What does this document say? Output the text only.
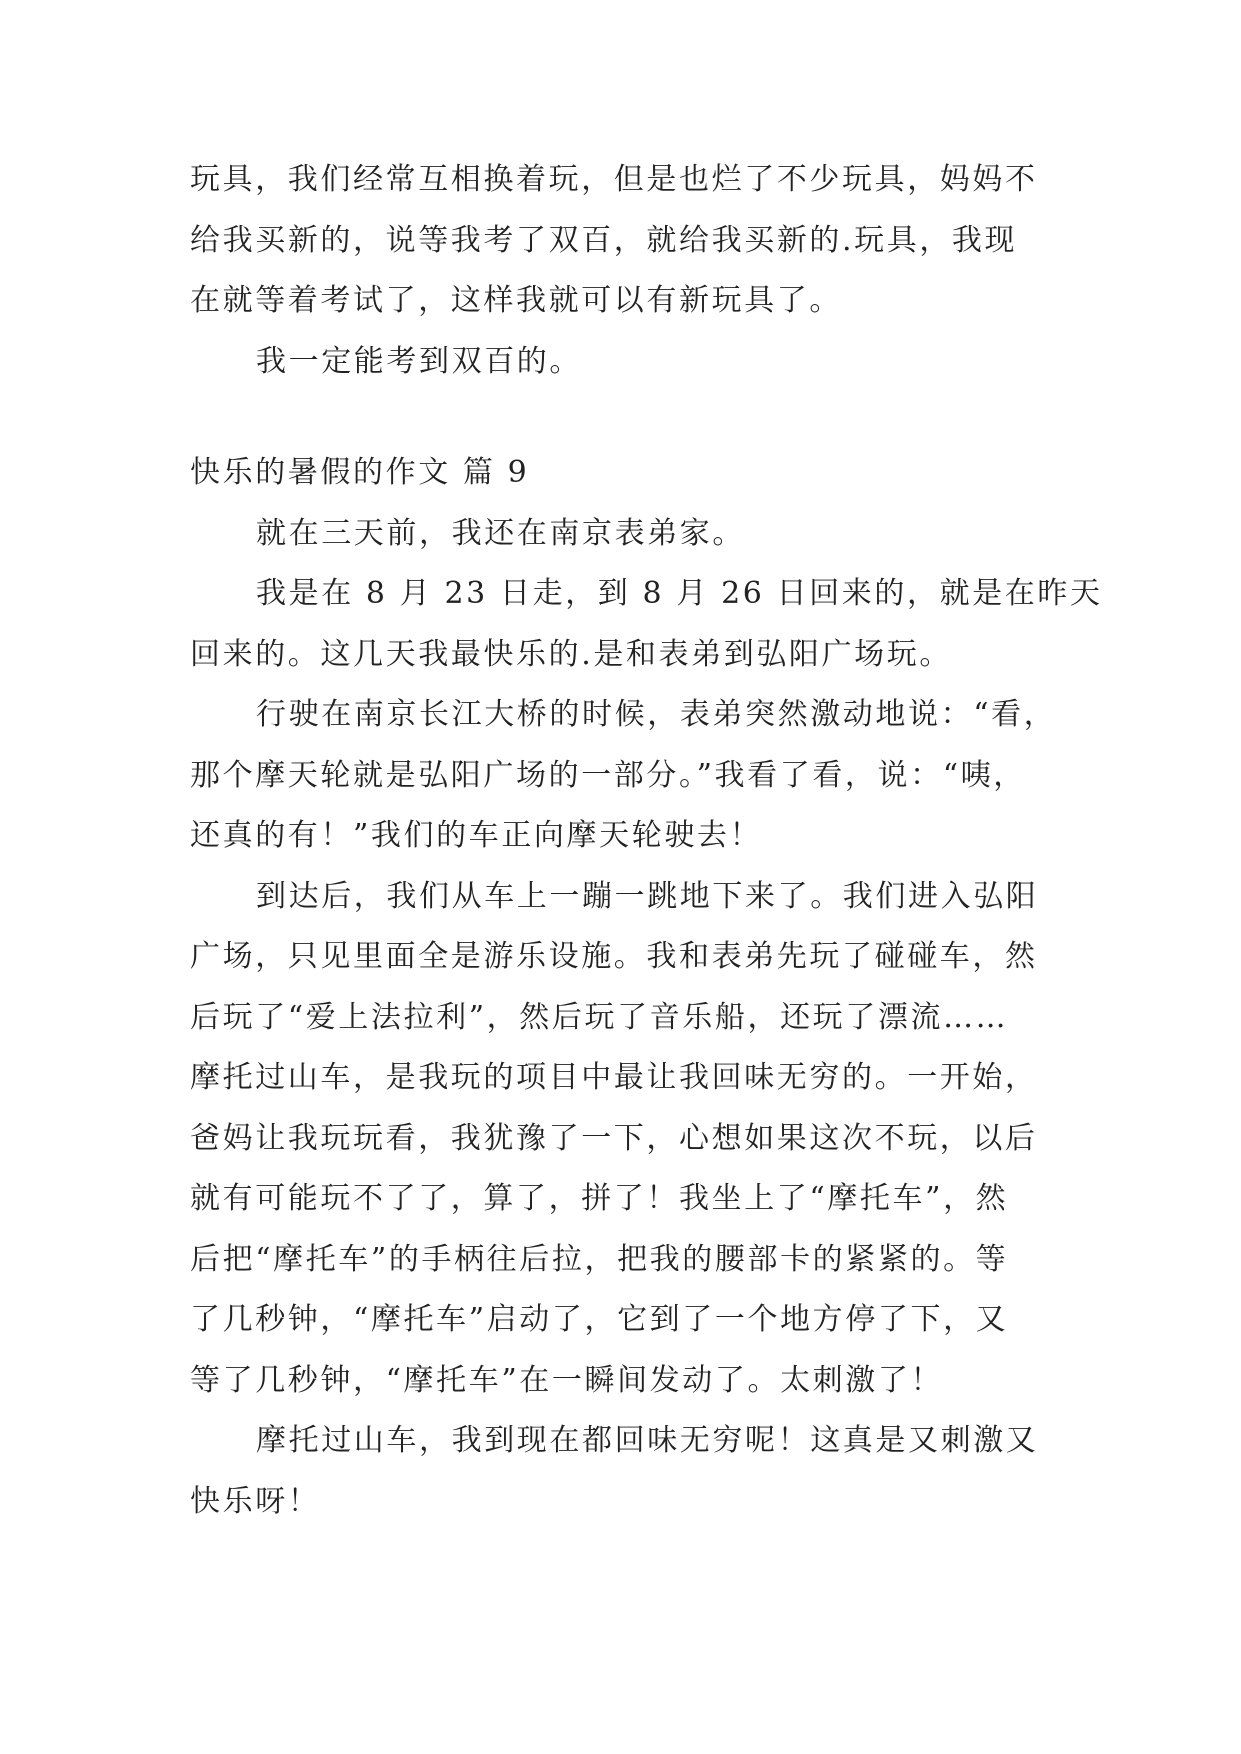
玩具，我们经常互相换着玩，但是也烂了不少玩具，妈妈不
给我买新的，说等我考了双百，就给我买新的.玩具，我现
在就等着考试了，这样我就可以有新玩具了。
我一定能考到双百的。
快乐的暑假的作文 篇 9
就在三天前，我还在南京表弟家。
我是在 8 月 23 日走，到 8 月 26 日回来的，就是在昨天
回来的。这几天我最快乐的.是和表弟到弘阳广场玩。
行驶在南京长江大桥的时候，表弟突然激动地说：“看，
那个摩天轮就是弘阳广场的一部分。”我看了看，说：“咦，
还真的有！”我们的车正向摩天轮驶去！
到达后，我们从车上一蹦一跳地下来了。我们进入弘阳
广场，只见里面全是游乐设施。我和表弟先玩了碰碰车，然
后玩了“爱上法拉利”，然后玩了音乐船，还玩了漂流……
摩托过山车，是我玩的项目中最让我回味无穷的。一开始，
爸妈让我玩玩看，我犹豫了一下，心想如果这次不玩，以后
就有可能玩不了了，算了，拼了！我坐上了“摩托车”，然
后把“摩托车”的手柄往后拉，把我的腰部卡的紧紧的。等
了几秒钟，“摩托车”启动了，它到了一个地方停了下，又
等了几秒钟，“摩托车”在一瞬间发动了。太刺激了！
摩托过山车，我到现在都回味无穷呢！这真是又刺激又
快乐呀！
